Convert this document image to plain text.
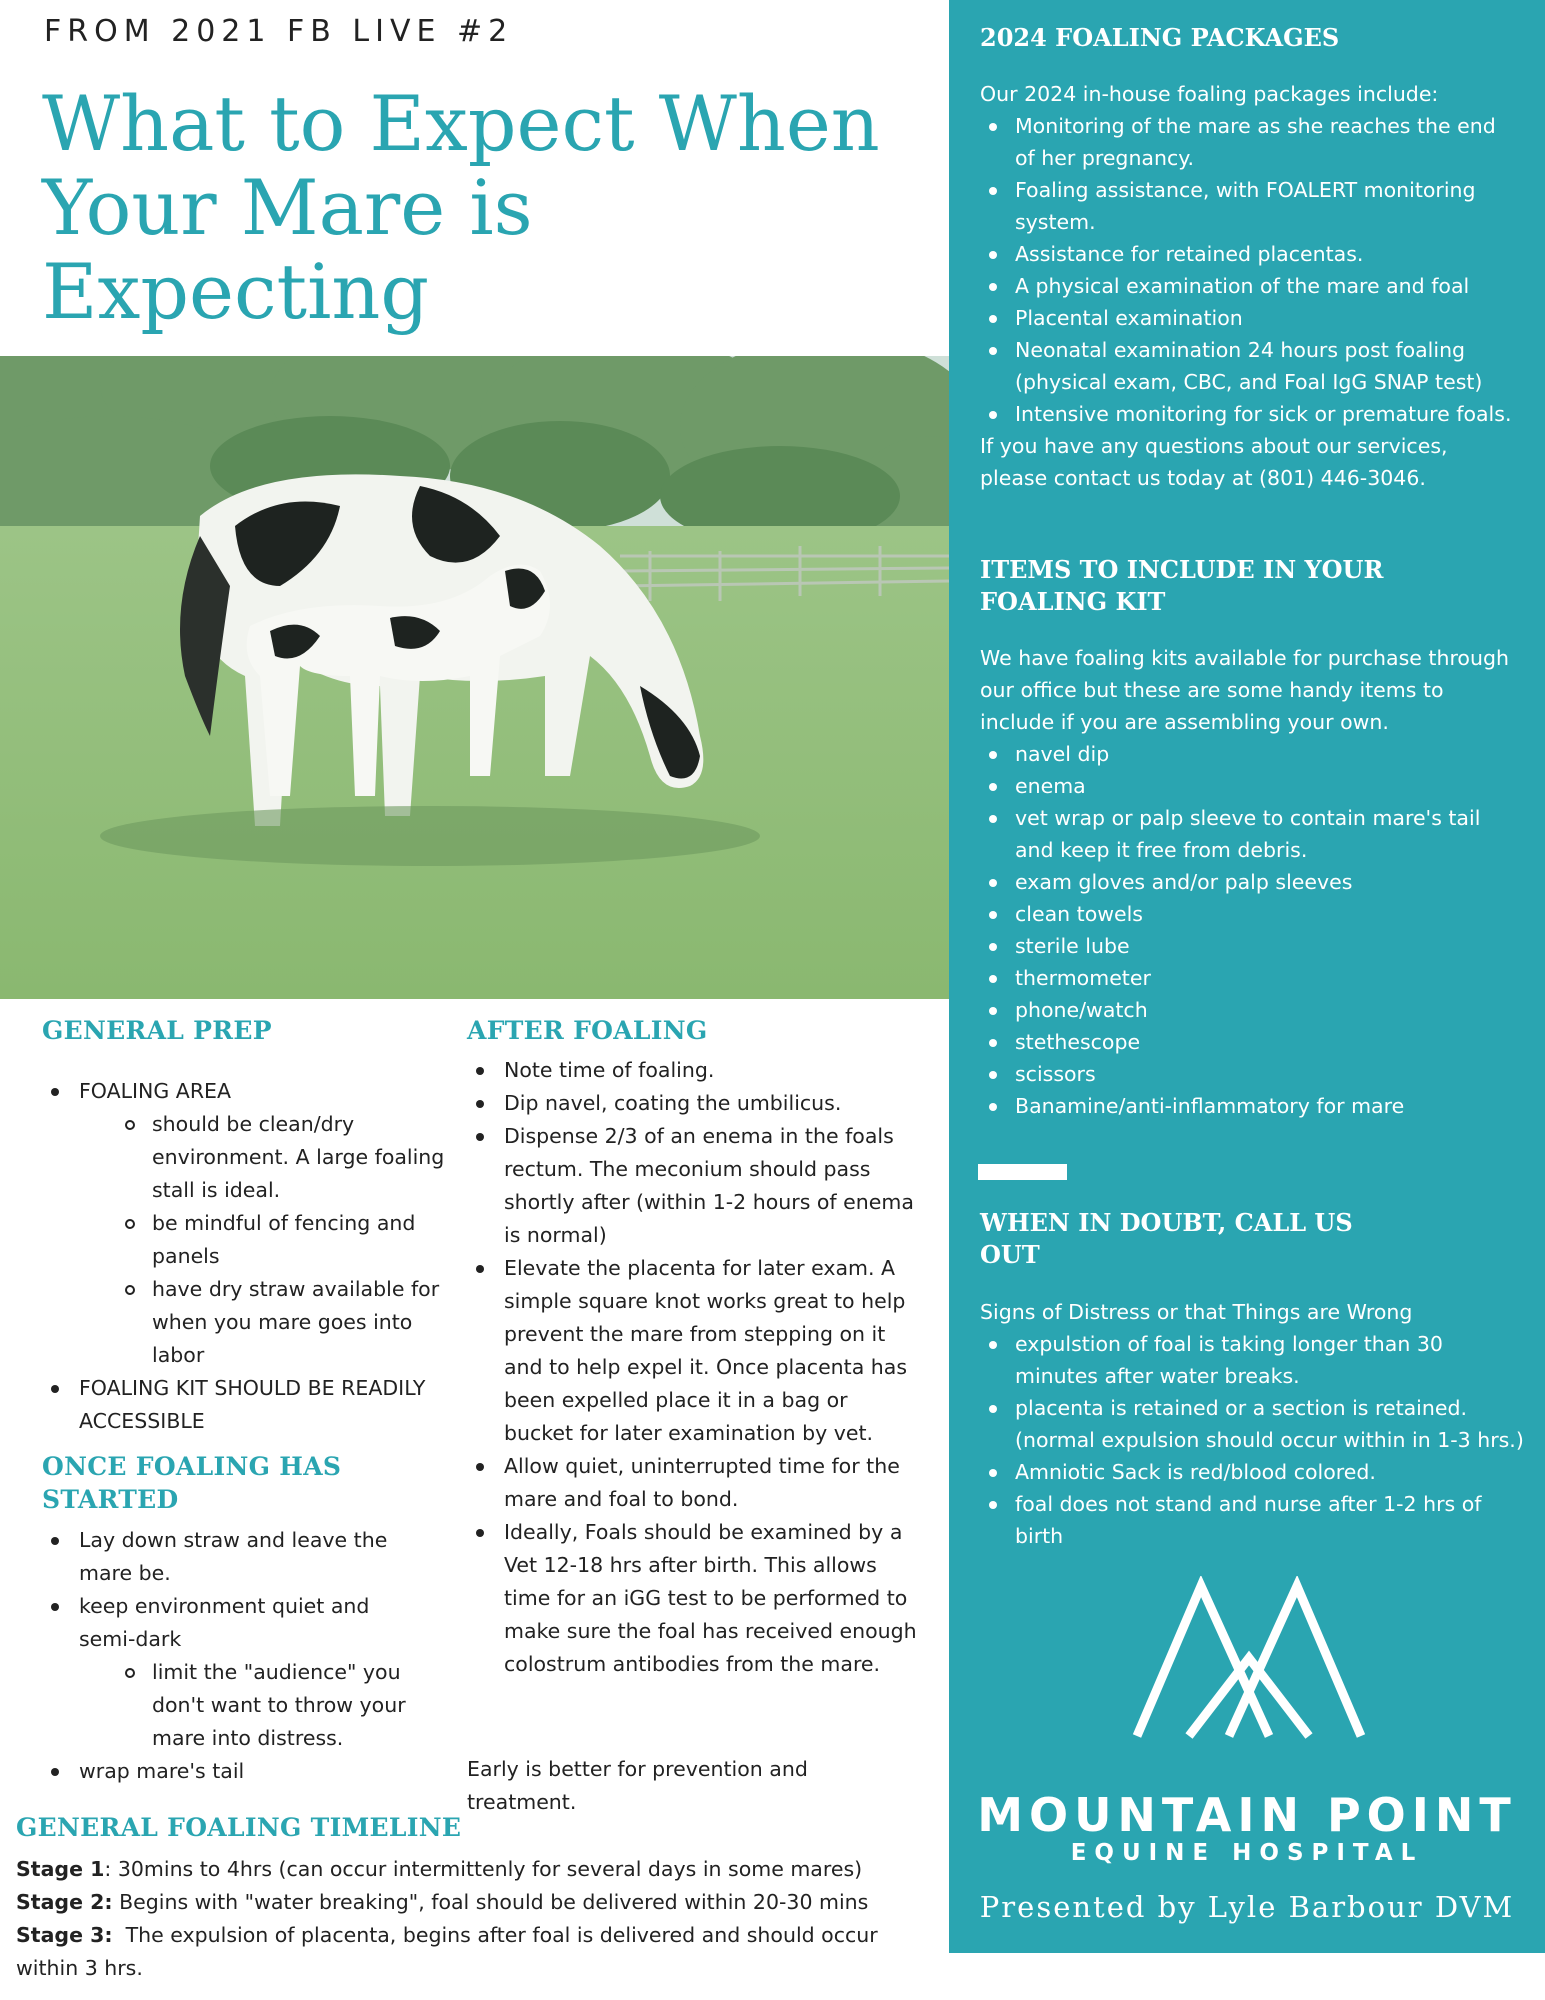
FROM 2021 FB LIVE #2
What to Expect When Your Mare is Expecting
GENERAL PREP
FOALING AREA
should be clean/dry environment. A large foaling stall is ideal.
be mindful of fencing and panels
have dry straw available for when you mare goes into labor
FOALING KIT SHOULD BE READILY ACCESSIBLE
ONCE FOALING HAS STARTED
Lay down straw and leave the mare be.
keep environment quiet and semi-dark
limit the "audience" you don't want to throw your mare into distress.
wrap mare's tail
AFTER FOALING
Note time of foaling.
Dip navel, coating the umbilicus.
Dispense 2/3 of an enema in the foals rectum. The meconium should pass shortly after (within 1-2 hours of enema is normal)
Elevate the placenta for later exam. A simple square knot works great to help prevent the mare from stepping on it and to help expel it. Once placenta has been expelled place it in a bag or bucket for later examination by vet.
Allow quiet, uninterrupted time for the mare and foal to bond.
Ideally, Foals should be examined by a Vet 12-18 hrs after birth. This allows time for an iGG test to be performed to make sure the foal has received enough colostrum antibodies from the mare.
Early is better for prevention and treatment.
GENERAL FOALING TIMELINE
Stage 1: 30mins to 4hrs (can occur intermittenly for several days in some mares)
Stage 2: Begins with "water breaking", foal should be delivered within 20-30 mins
Stage 3:  The expulsion of placenta, begins after foal is delivered and should occur within 3 hrs.
2024 FOALING PACKAGES
Our 2024 in-house foaling packages include:
Monitoring of the mare as she reaches the end of her pregnancy.
Foaling assistance, with FOALERT monitoring system.
Assistance for retained placentas.
A physical examination of the mare and foal
Placental examination
Neonatal examination 24 hours post foaling (physical exam, CBC, and Foal IgG SNAP test)
Intensive monitoring for sick or premature foals.
If you have any questions about our services, please contact us today at (801) 446-3046.
ITEMS TO INCLUDE IN YOUR FOALING KIT
We have foaling kits available for purchase through our office but these are some handy items to include if you are assembling your own.
navel dip
enema
vet wrap or palp sleeve to contain mare's tail and keep it free from debris.
exam gloves and/or palp sleeves
clean towels
sterile lube
thermometer
phone/watch
stethescope
scissors
Banamine/anti-inflammatory for mare
WHEN IN DOUBT, CALL US OUT
Signs of Distress or that Things are Wrong
expulstion of foal is taking longer than 30 minutes after water breaks.
placenta is retained or a section is retained. (normal expulsion should occur within in 1-3 hrs.)
Amniotic Sack is red/blood colored.
foal does not stand and nurse after 1-2 hrs of birth
MOUNTAIN POINT
EQUINE HOSPITAL
Presented by Lyle Barbour DVM
